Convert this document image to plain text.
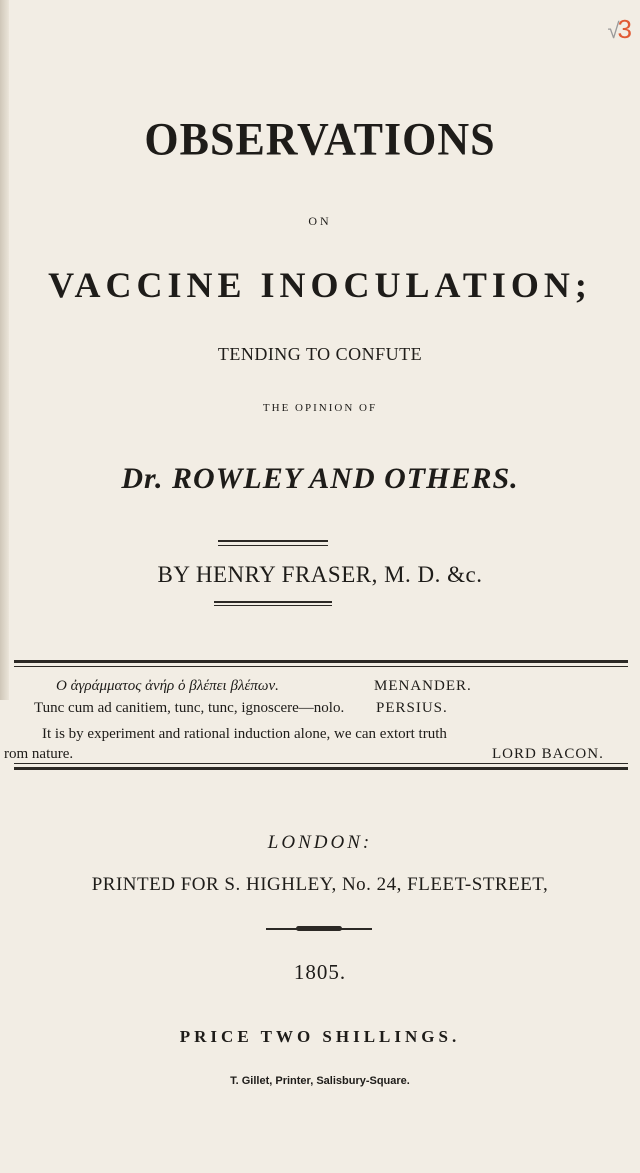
√3
OBSERVATIONS
ON
VACCINE INOCULATION;
TENDING TO CONFUTE
THE OPINION OF
Dr. ROWLEY AND OTHERS.
BY HENRY FRASER, M. D. &c.
Ο ἀγράμματος ἀνήρ ὁ βλέπει βλέπων.	MENANDER.
Tunc cum ad canitiem, tunc, tunc, ignoscere—nolo. PERSIUS.
It is by experiment and rational induction alone, we can extort truth
rom nature.	LORD BACON.
LONDON:
PRINTED FOR S. HIGHLEY, No. 24, FLEET-STREET,
1805.
PRICE TWO SHILLINGS.
T. Gillet, Printer, Salisbury-Square.
